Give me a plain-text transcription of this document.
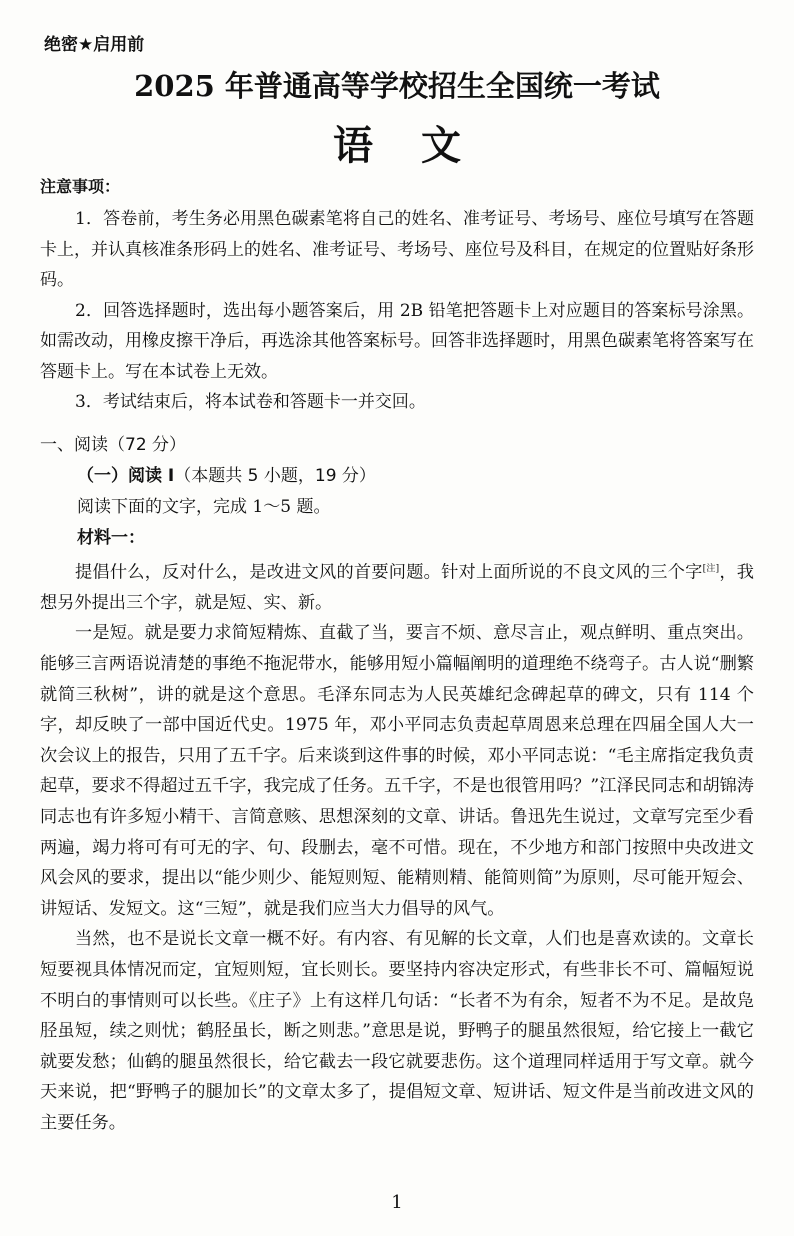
绝密★启用前
2025 年普通高等学校招生全国统一考试
语文
注意事项：

1．答卷前，考生务必用黑色碳素笔将自己的姓名、准考证号、考场号、座位号填写在答题卡上，并认真核准条形码上的姓名、准考证号、考场号、座位号及科目，在规定的位置贴好条形码。

2．回答选择题时，选出每小题答案后，用 2B 铅笔把答题卡上对应题目的答案标号涂黑。如需改动，用橡皮擦干净后，再选涂其他答案标号。回答非选择题时，用黑色碳素笔将答案写在答题卡上。写在本试卷上无效。

3．考试结束后，将本试卷和答题卡一并交回。

一、阅读（72 分）
（一）阅读 I（本题共 5 小题，19 分）
阅读下面的文字，完成 1～5 题。
材料一：

提倡什么，反对什么，是改进文风的首要问题。针对上面所说的不良文风的三个字[注]，我想另外提出三个字，就是短、实、新。

一是短。就是要力求简短精炼、直截了当，要言不烦、意尽言止，观点鲜明、重点突出。能够三言两语说清楚的事绝不拖泥带水，能够用短小篇幅阐明的道理绝不绕弯子。古人说“删繁就简三秋树”，讲的就是这个意思。毛泽东同志为人民英雄纪念碑起草的碑文，只有 114 个字，却反映了一部中国近代史。1975 年，邓小平同志负责起草周恩来总理在四届全国人大一次会议上的报告，只用了五千字。后来谈到这件事的时候，邓小平同志说：“毛主席指定我负责起草，要求不得超过五千字，我完成了任务。五千字，不是也很管用吗？”江泽民同志和胡锦涛同志也有许多短小精干、言简意赅、思想深刻的文章、讲话。鲁迅先生说过，文章写完至少看两遍，竭力将可有可无的字、句、段删去，毫不可惜。现在，不少地方和部门按照中央改进文风会风的要求，提出以“能少则少、能短则短、能精则精、能简则简”为原则，尽可能开短会、讲短话、发短文。这“三短”，就是我们应当大力倡导的风气。

当然，也不是说长文章一概不好。有内容、有见解的长文章，人们也是喜欢读的。文章长短要视具体情况而定，宜短则短，宜长则长。要坚持内容决定形式，有些非长不可、篇幅短说不明白的事情则可以长些。《庄子》上有这样几句话：“长者不为有余，短者不为不足。是故凫胫虽短，续之则忧；鹤胫虽长，断之则悲。”意思是说，野鸭子的腿虽然很短，给它接上一截它就要发愁；仙鹤的腿虽然很长，给它截去一段它就要悲伤。这个道理同样适用于写文章。就今天来说，把“野鸭子的腿加长”的文章太多了，提倡短文章、短讲话、短文件是当前改进文风的主要任务。

1
